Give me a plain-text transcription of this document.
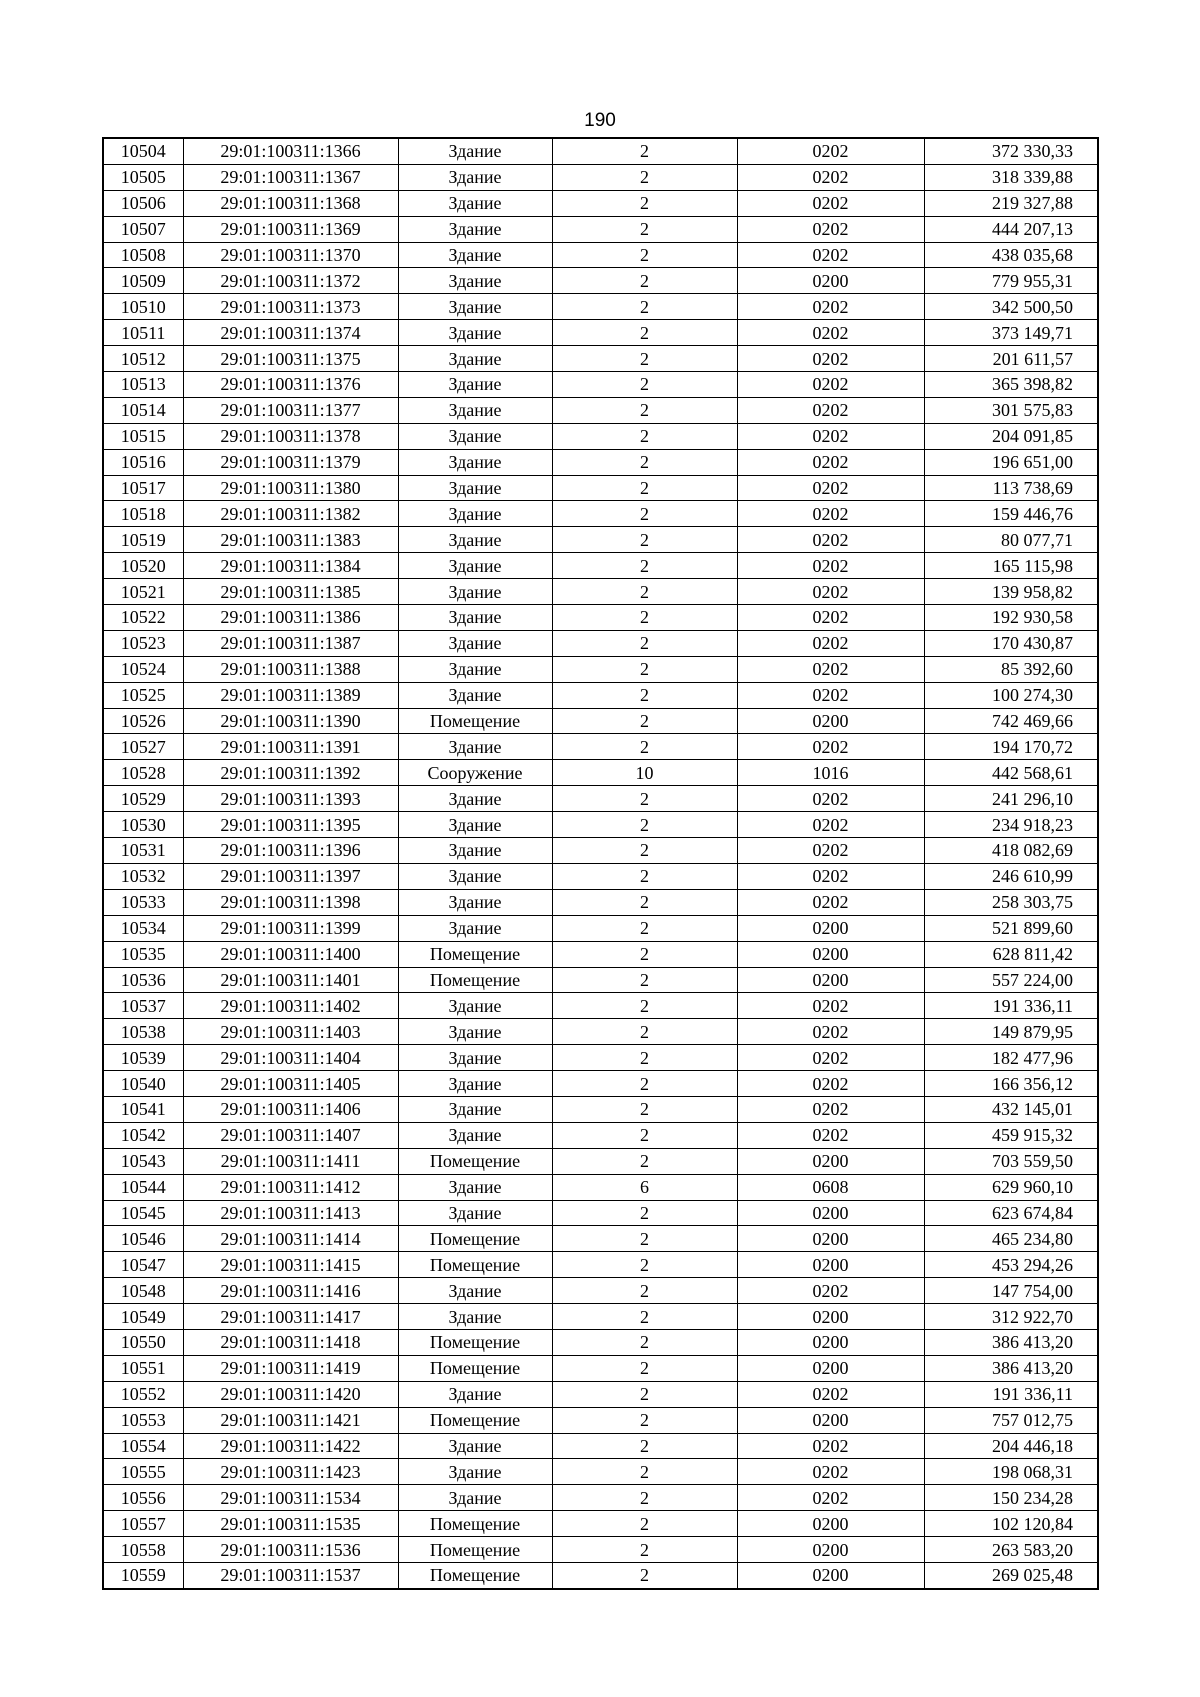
190
10504	29:01:100311:1366	Здание	2	0202	372 330,33
10505	29:01:100311:1367	Здание	2	0202	318 339,88
10506	29:01:100311:1368	Здание	2	0202	219 327,88
10507	29:01:100311:1369	Здание	2	0202	444 207,13
10508	29:01:100311:1370	Здание	2	0202	438 035,68
10509	29:01:100311:1372	Здание	2	0200	779 955,31
10510	29:01:100311:1373	Здание	2	0202	342 500,50
10511	29:01:100311:1374	Здание	2	0202	373 149,71
10512	29:01:100311:1375	Здание	2	0202	201 611,57
10513	29:01:100311:1376	Здание	2	0202	365 398,82
10514	29:01:100311:1377	Здание	2	0202	301 575,83
10515	29:01:100311:1378	Здание	2	0202	204 091,85
10516	29:01:100311:1379	Здание	2	0202	196 651,00
10517	29:01:100311:1380	Здание	2	0202	113 738,69
10518	29:01:100311:1382	Здание	2	0202	159 446,76
10519	29:01:100311:1383	Здание	2	0202	80 077,71
10520	29:01:100311:1384	Здание	2	0202	165 115,98
10521	29:01:100311:1385	Здание	2	0202	139 958,82
10522	29:01:100311:1386	Здание	2	0202	192 930,58
10523	29:01:100311:1387	Здание	2	0202	170 430,87
10524	29:01:100311:1388	Здание	2	0202	85 392,60
10525	29:01:100311:1389	Здание	2	0202	100 274,30
10526	29:01:100311:1390	Помещение	2	0200	742 469,66
10527	29:01:100311:1391	Здание	2	0202	194 170,72
10528	29:01:100311:1392	Сооружение	10	1016	442 568,61
10529	29:01:100311:1393	Здание	2	0202	241 296,10
10530	29:01:100311:1395	Здание	2	0202	234 918,23
10531	29:01:100311:1396	Здание	2	0202	418 082,69
10532	29:01:100311:1397	Здание	2	0202	246 610,99
10533	29:01:100311:1398	Здание	2	0202	258 303,75
10534	29:01:100311:1399	Здание	2	0200	521 899,60
10535	29:01:100311:1400	Помещение	2	0200	628 811,42
10536	29:01:100311:1401	Помещение	2	0200	557 224,00
10537	29:01:100311:1402	Здание	2	0202	191 336,11
10538	29:01:100311:1403	Здание	2	0202	149 879,95
10539	29:01:100311:1404	Здание	2	0202	182 477,96
10540	29:01:100311:1405	Здание	2	0202	166 356,12
10541	29:01:100311:1406	Здание	2	0202	432 145,01
10542	29:01:100311:1407	Здание	2	0202	459 915,32
10543	29:01:100311:1411	Помещение	2	0200	703 559,50
10544	29:01:100311:1412	Здание	6	0608	629 960,10
10545	29:01:100311:1413	Здание	2	0200	623 674,84
10546	29:01:100311:1414	Помещение	2	0200	465 234,80
10547	29:01:100311:1415	Помещение	2	0200	453 294,26
10548	29:01:100311:1416	Здание	2	0202	147 754,00
10549	29:01:100311:1417	Здание	2	0200	312 922,70
10550	29:01:100311:1418	Помещение	2	0200	386 413,20
10551	29:01:100311:1419	Помещение	2	0200	386 413,20
10552	29:01:100311:1420	Здание	2	0202	191 336,11
10553	29:01:100311:1421	Помещение	2	0200	757 012,75
10554	29:01:100311:1422	Здание	2	0202	204 446,18
10555	29:01:100311:1423	Здание	2	0202	198 068,31
10556	29:01:100311:1534	Здание	2	0202	150 234,28
10557	29:01:100311:1535	Помещение	2	0200	102 120,84
10558	29:01:100311:1536	Помещение	2	0200	263 583,20
10559	29:01:100311:1537	Помещение	2	0200	269 025,48
